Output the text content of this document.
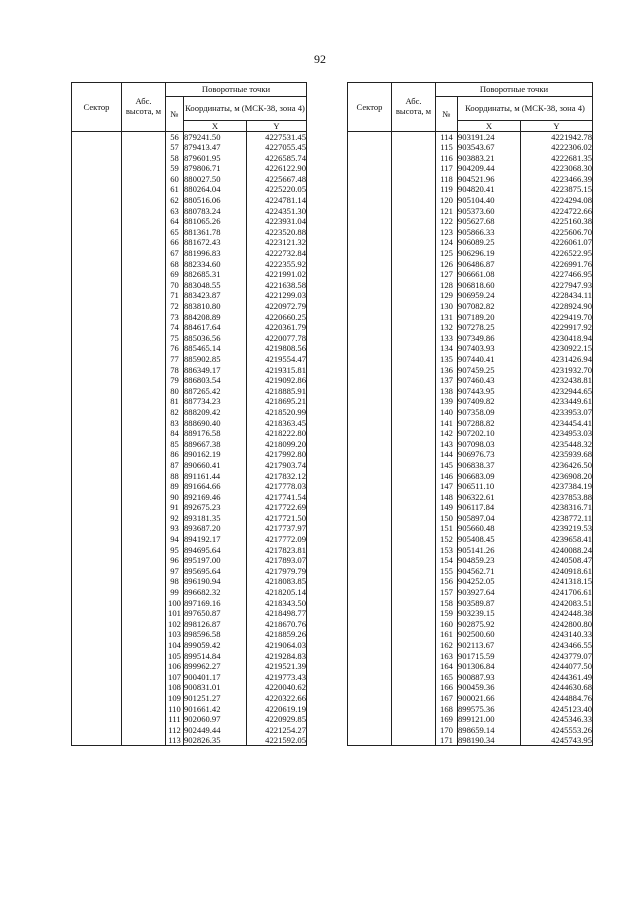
92
Сектор	Абс. высота, м	Поворотные точки		
		№	Координаты, м (МСК-38, зона 4)	
			X	Y
		56	879241.50	4227531.45
		57	879413.47	4227055.45
		58	879601.95	4226585.74
		59	879806.71	4226122.90
		60	880027.50	4225667.48
		61	880264.04	4225220.05
		62	880516.06	4224781.14
		63	880783.24	4224351.30
		64	881065.26	4223931.04
		65	881361.78	4223520.88
		66	881672.43	4223121.32
		67	881996.83	4222732.84
		68	882334.60	4222355.92
		69	882685.31	4221991.02
		70	883048.55	4221638.58
		71	883423.87	4221299.03
		72	883810.80	4220972.79
		73	884208.89	4220660.25
		74	884617.64	4220361.79
		75	885036.56	4220077.78
		76	885465.14	4219808.56
		77	885902.85	4219554.47
		78	886349.17	4219315.81
		79	886803.54	4219092.86
		80	887265.42	4218885.91
		81	887734.23	4218695.21
		82	888209.42	4218520.99
		83	888690.40	4218363.45
		84	889176.58	4218222.80
		85	889667.38	4218099.20
		86	890162.19	4217992.80
		87	890660.41	4217903.74
		88	891161.44	4217832.12
		89	891664.66	4217778.03
		90	892169.46	4217741.54
		91	892675.23	4217722.69
		92	893181.35	4217721.50
		93	893687.20	4217737.97
		94	894192.17	4217772.09
		95	894695.64	4217823.81
		96	895197.00	4217893.07
		97	895695.64	4217979.79
		98	896190.94	4218083.85
		99	896682.32	4218205.14
		100	897169.16	4218343.50
		101	897650.87	4218498.77
		102	898126.87	4218670.76
		103	898596.58	4218859.26
		104	899059.42	4219064.03
		105	899514.84	4219284.83
		106	899962.27	4219521.39
		107	900401.17	4219773.43
		108	900831.01	4220040.62
		109	901251.27	4220322.66
		110	901661.42	4220619.19
		111	902060.97	4220929.85
		112	902449.44	4221254.27
		113	902826.35	4221592.05
Сектор	Абс. высота, м	Поворотные точки		
		№	Координаты, м (МСК-38, зона 4)	
			X	Y
		114	903191.24	4221942.78
		115	903543.67	4222306.02
		116	903883.21	4222681.35
		117	904209.44	4223068.30
		118	904521.96	4223466.39
		119	904820.41	4223875.15
		120	905104.40	4224294.08
		121	905373.60	4224722.66
		122	905627.68	4225160.38
		123	905866.33	4225606.70
		124	906089.25	4226061.07
		125	906296.19	4226522.95
		126	906486.87	4226991.76
		127	906661.08	4227466.95
		128	906818.60	4227947.93
		129	906959.24	4228434.11
		130	907082.82	4228924.90
		131	907189.20	4229419.70
		132	907278.25	4229917.92
		133	907349.86	4230418.94
		134	907403.93	4230922.15
		135	907440.41	4231426.94
		136	907459.25	4231932.70
		137	907460.43	4232438.81
		138	907443.95	4232944.65
		139	907409.82	4233449.61
		140	907358.09	4233953.07
		141	907288.82	4234454.41
		142	907202.10	4234953.03
		143	907098.03	4235448.32
		144	906976.73	4235939.68
		145	906838.37	4236426.50
		146	906683.09	4236908.20
		147	906511.10	4237384.19
		148	906322.61	4237853.88
		149	906117.84	4238316.71
		150	905897.04	4238772.11
		151	905660.48	4239219.53
		152	905408.45	4239658.41
		153	905141.26	4240088.24
		154	904859.23	4240508.47
		155	904562.71	4240918.61
		156	904252.05	4241318.15
		157	903927.64	4241706.61
		158	903589.87	4242083.51
		159	903239.15	4242448.38
		160	902875.92	4242800.80
		161	902500.60	4243140.33
		162	902113.67	4243466.55
		163	901715.59	4243779.07
		164	901306.84	4244077.50
		165	900887.93	4244361.49
		166	900459.36	4244630.68
		167	900021.66	4244884.76
		168	899575.36	4245123.40
		169	899121.00	4245346.33
		170	898659.14	4245553.26
		171	898190.34	4245743.95
